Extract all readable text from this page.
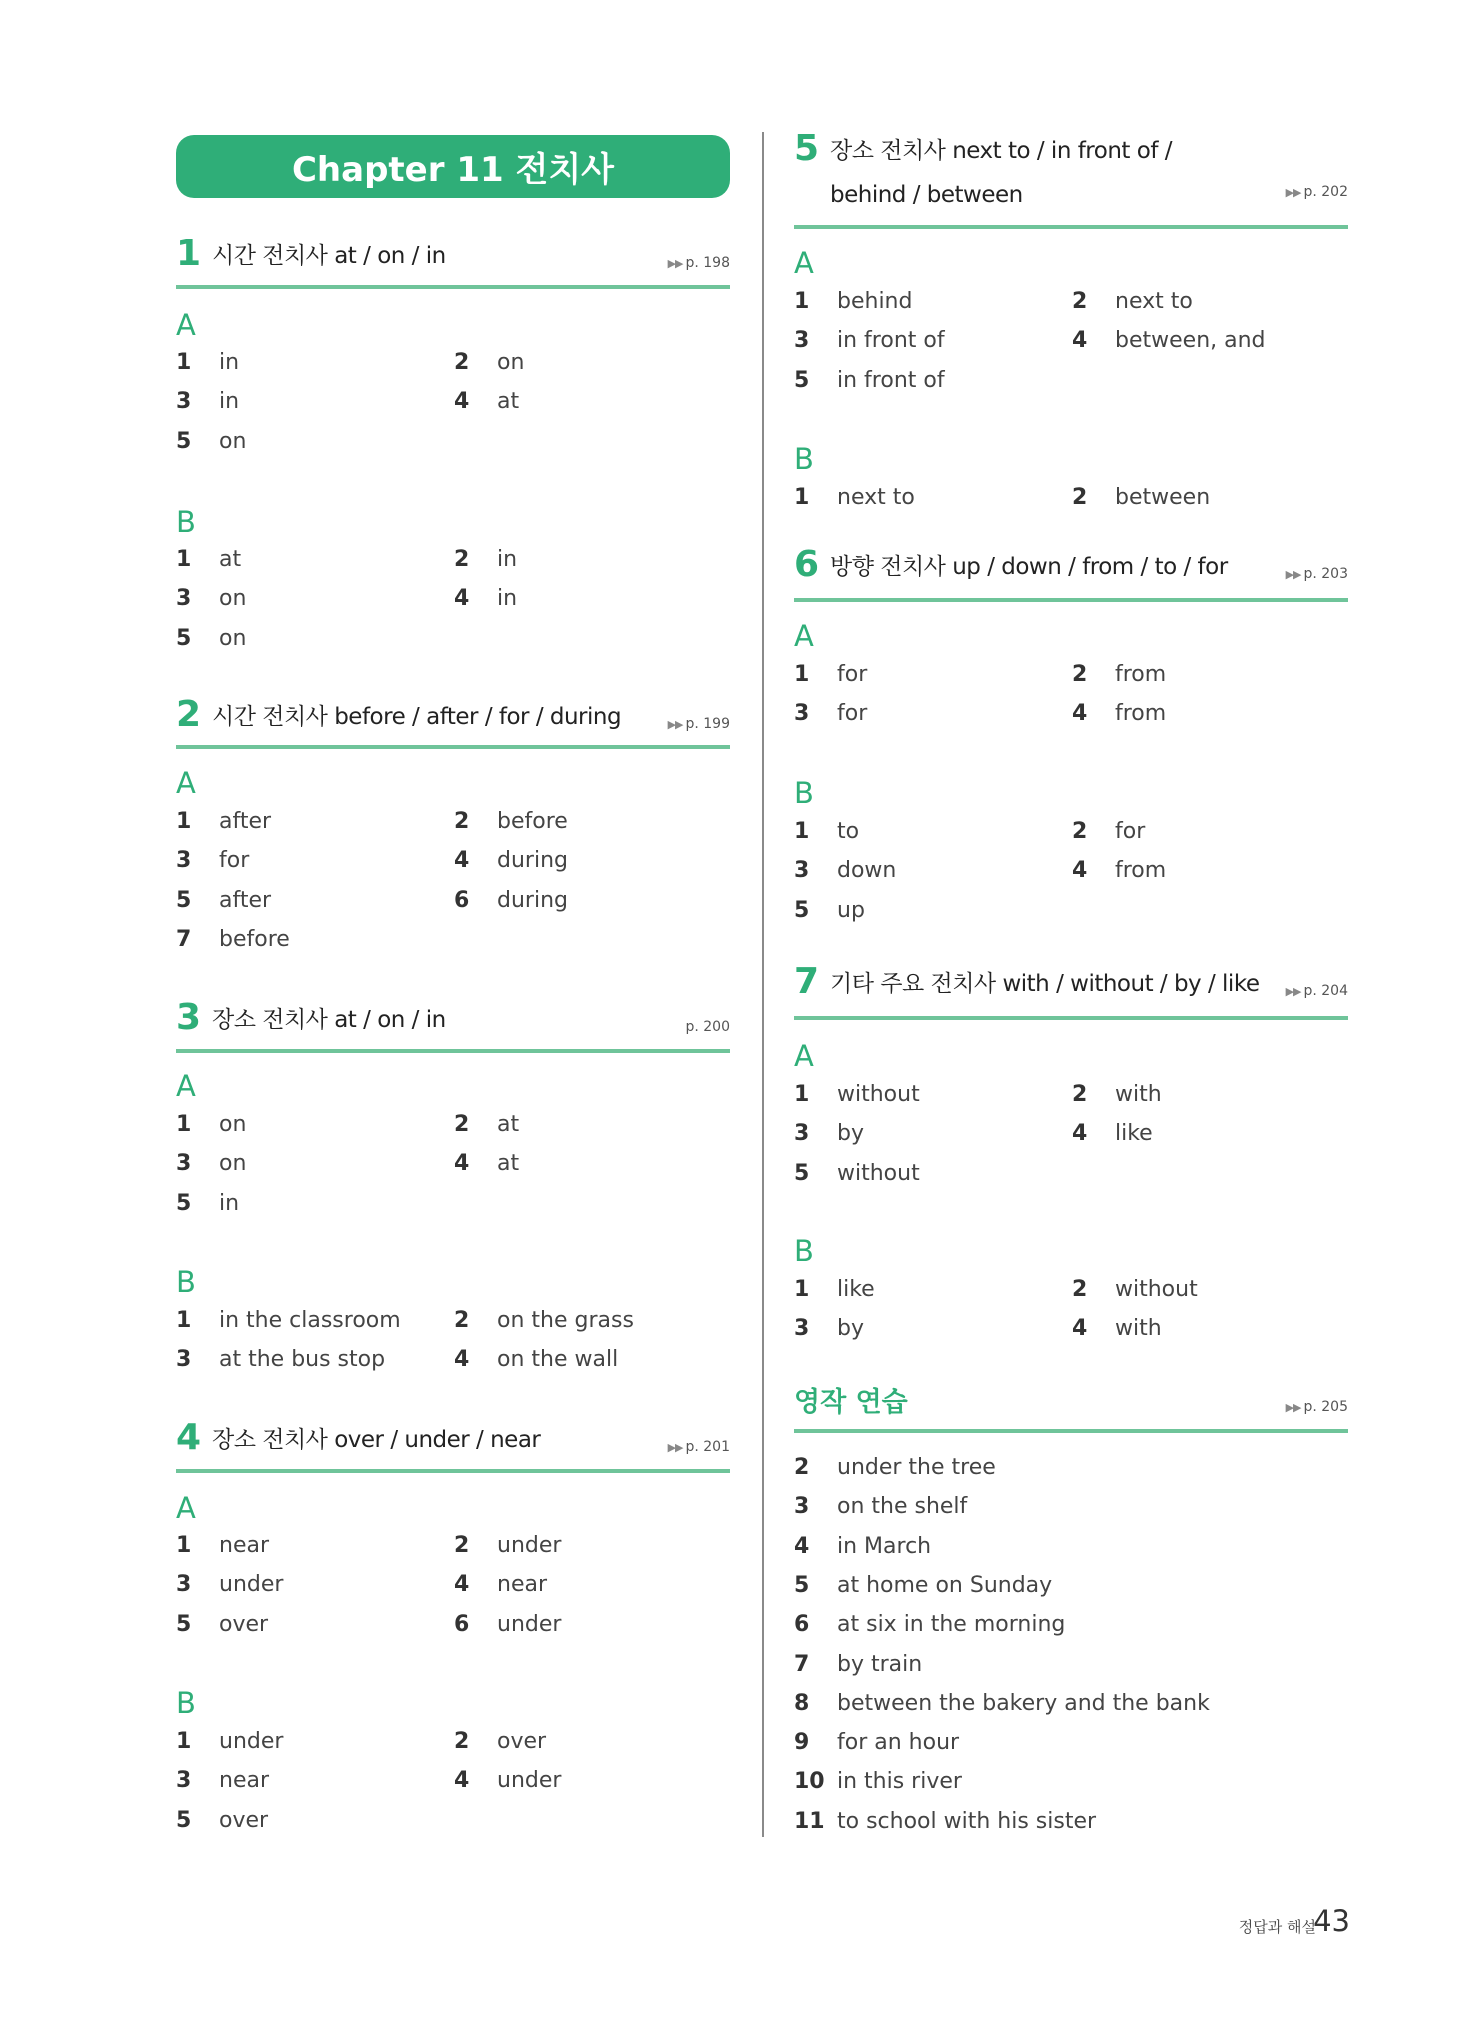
Chapter 11 전치사
1 시간 전치사 at / on / in	▶▶ p. 198
A
1 in	2 on
3 in	4 at
5 on
B
1 at	2 in
3 on	4 in
5 on
2 시간 전치사 before / after / for / during	▶▶ p. 199
A
1 after	2 before
3 for	4 during
5 after	6 during
7 before
3 장소 전치사 at / on / in	p. 200
A
1 on	2 at
3 on	4 at
5 in
B
1 in the classroom 2 on the grass
3 at the bus stop	4 on the wall
4 장소 전치사 over / under / near	▶▶ p. 201
A
1 near	2 under
3 under	4 near
5 over	6 under
B
1 under	2 over
3 near	4 under
5 over
5 장소 전치사 next to / in front of /
behind / between	▶▶ p. 202
A
1 behind	2 next to
3 in front of	4 between, and
5 in front of
B
1 next to	2 between
6 방향 전치사 up / down / from / to / for	▶▶ p. 203
A
1 for	2 from
3 for	4 from
B
1 to	2 for
3 down	4 from
5 up
7 기타 주요 전치사 with / without / by / like ▶▶ p. 204
A
1 without	2 with
3 by	4 like
5 without
B
1 like	2 without
3 by	4 with
영작 연습	▶▶ p. 205
2 under the tree
3 on the shelf
4 in March
5 at home on Sunday
6 at six in the morning
7 by train
8 between the bakery and the bank
9 for an hour
10 in this river
11 to school with his sister
정답과 해설
43
